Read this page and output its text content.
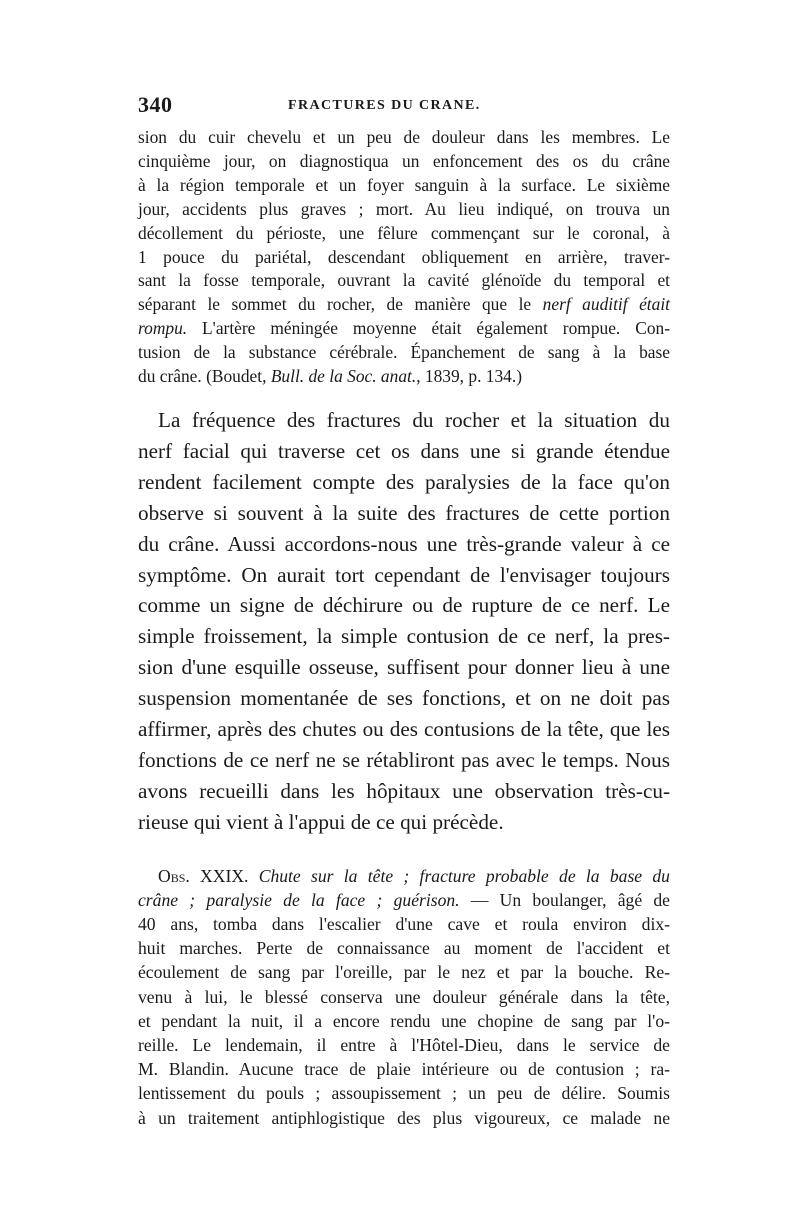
340	FRACTURES DU CRANE.
sion du cuir chevelu et un peu de douleur dans les membres. Le
cinquième jour, on diagnostiqua un enfoncement des os du crâne
à la région temporale et un foyer sanguin à la surface. Le sixième
jour, accidents plus graves ; mort. Au lieu indiqué, on trouva un
décollement du périoste, une fêlure commençant sur le coronal, à
1 pouce du pariétal, descendant obliquement en arrière, traver-
sant la fosse temporale, ouvrant la cavité glénoïde du temporal et
séparant le sommet du rocher, de manière que le nerf auditif était
rompu. L'artère méningée moyenne était également rompue. Con-
tusion de la substance cérébrale. Épanchement de sang à la base
du crâne. (Boudet, Bull. de la Soc. anat., 1839, p. 134.)
La fréquence des fractures du rocher et la situation du
nerf facial qui traverse cet os dans une si grande étendue
rendent facilement compte des paralysies de la face qu'on
observe si souvent à la suite des fractures de cette portion
du crâne. Aussi accordons-nous une très-grande valeur à ce
symptôme. On aurait tort cependant de l'envisager toujours
comme un signe de déchirure ou de rupture de ce nerf. Le
simple froissement, la simple contusion de ce nerf, la pres-
sion d'une esquille osseuse, suffisent pour donner lieu à une
suspension momentanée de ses fonctions, et on ne doit pas
affirmer, après des chutes ou des contusions de la tête, que les
fonctions de ce nerf ne se rétabliront pas avec le temps. Nous
avons recueilli dans les hôpitaux une observation très-cu-
rieuse qui vient à l'appui de ce qui précède.
Obs. XXIX. Chute sur la tête ; fracture probable de la base du
crâne ; paralysie de la face ; guérison. — Un boulanger, âgé de
40 ans, tomba dans l'escalier d'une cave et roula environ dix-
huit marches. Perte de connaissance au moment de l'accident et
écoulement de sang par l'oreille, par le nez et par la bouche. Re-
venu à lui, le blessé conserva une douleur générale dans la tête,
et pendant la nuit, il a encore rendu une chopine de sang par l'o-
reille. Le lendemain, il entre à l'Hôtel-Dieu, dans le service de
M. Blandin. Aucune trace de plaie intérieure ou de contusion ; ra-
lentissement du pouls ; assoupissement ; un peu de délire. Soumis
à un traitement antiphlogistique des plus vigoureux, ce malade ne
